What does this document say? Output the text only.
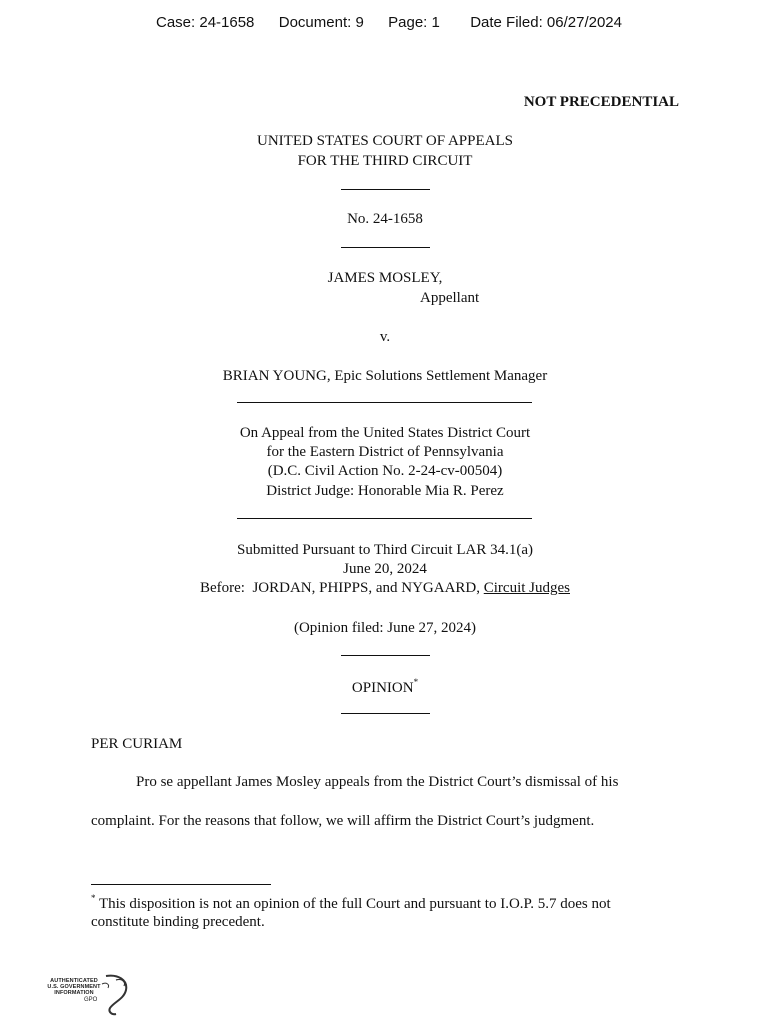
Case: 24-1658 Document: 9 Page: 1 Date Filed: 06/27/2024
NOT PRECEDENTIAL
UNITED STATES COURT OF APPEALS
FOR THE THIRD CIRCUIT
No. 24-1658
JAMES MOSLEY,
Appellant
v.
BRIAN YOUNG, Epic Solutions Settlement Manager
On Appeal from the United States District Court
for the Eastern District of Pennsylvania
(D.C. Civil Action No. 2-24-cv-00504)
District Judge: Honorable Mia R. Perez
Submitted Pursuant to Third Circuit LAR 34.1(a)
June 20, 2024
Before:  JORDAN, PHIPPS, and NYGAARD, Circuit Judges
(Opinion filed: June 27, 2024)
OPINION*
PER CURIAM
Pro se appellant James Mosley appeals from the District Court’s dismissal of his
complaint. For the reasons that follow, we will affirm the District Court’s judgment.
* This disposition is not an opinion of the full Court and pursuant to I.O.P. 5.7 does not
constitute binding precedent.
AUTHENTICATED
U.S. GOVERNMENT
INFORMATION
GPO
